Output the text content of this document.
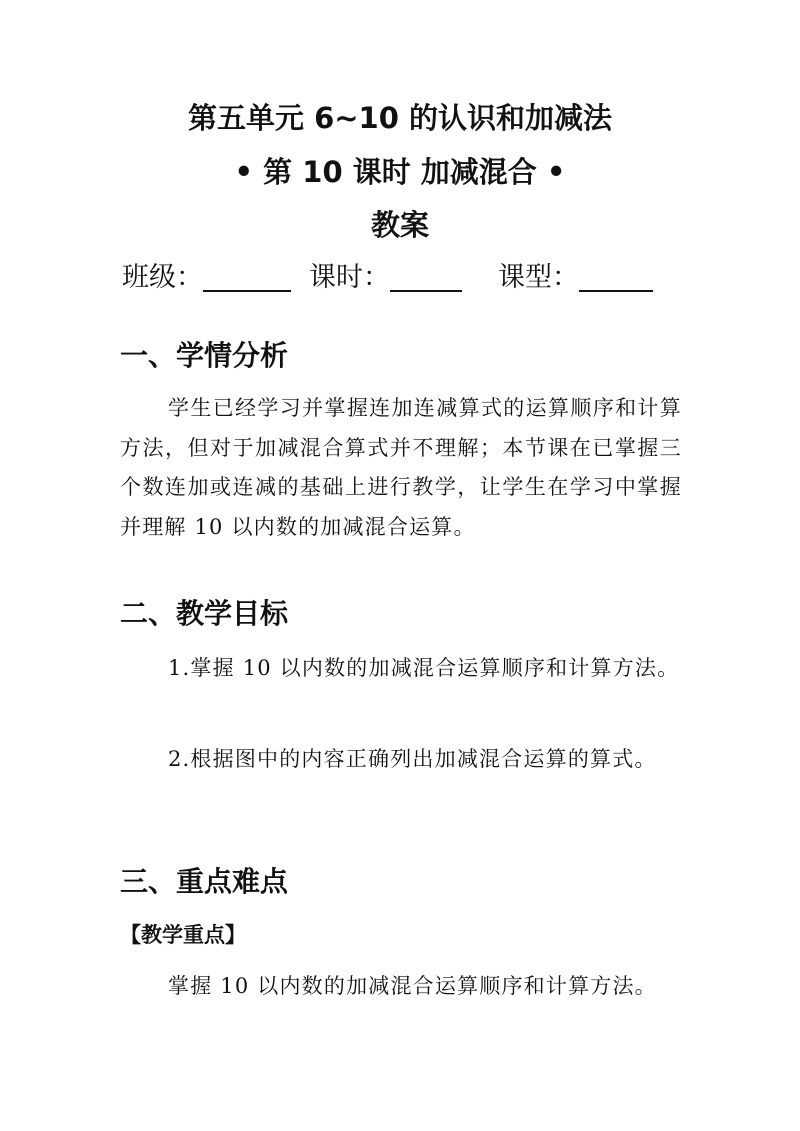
第五单元 6~10 的认识和加减法
• 第 10 课时 加减混合 •
教案
班级：	课时：	课型：
一、学情分析

学生已经学习并掌握连加连减算式的运算顺序和计算方法，但对于加减混合算式并不理解；本节课在已掌握三个数连加或连减的基础上进行教学，让学生在学习中掌握并理解 10 以内数的加减混合运算。

二、教学目标

1.掌握 10 以内数的加减混合运算顺序和计算方法。

2.根据图中的内容正确列出加减混合运算的算式。

三、重点难点
【教学重点】

掌握 10 以内数的加减混合运算顺序和计算方法。
